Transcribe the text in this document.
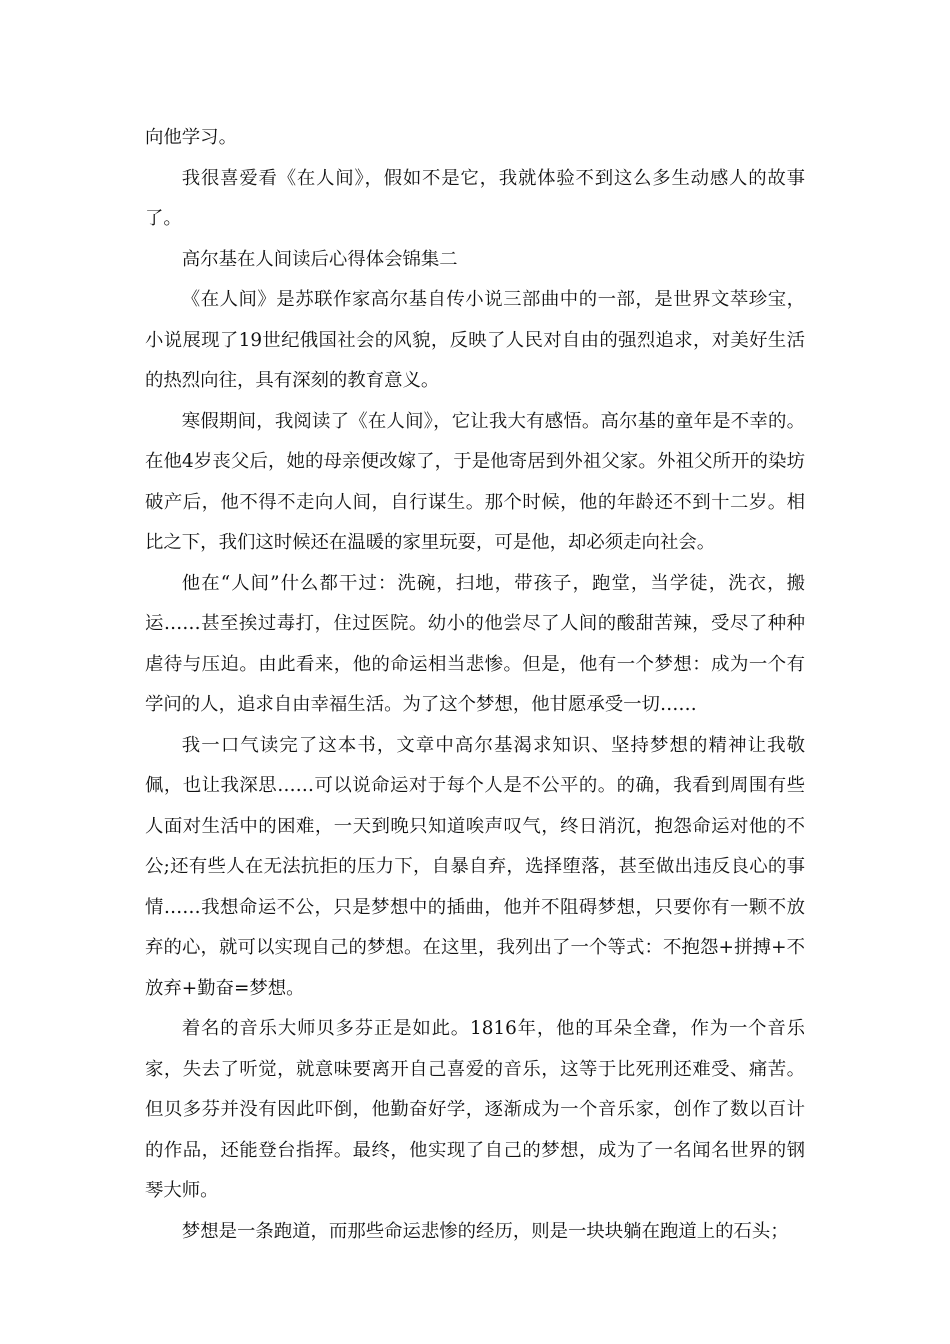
向他学习。

我很喜爱看《在人间》，假如不是它，我就体验不到这么多生动感人的故事了。

高尔基在人间读后心得体会锦集二

《在人间》是苏联作家高尔基自传小说三部曲中的一部，是世界文萃珍宝，小说展现了19世纪俄国社会的风貌，反映了人民对自由的强烈追求，对美好生活的热烈向往，具有深刻的教育意义。

寒假期间，我阅读了《在人间》，它让我大有感悟。高尔基的童年是不幸的。在他4岁丧父后，她的母亲便改嫁了，于是他寄居到外祖父家。外祖父所开的染坊破产后，他不得不走向人间，自行谋生。那个时候，他的年龄还不到十二岁。相比之下，我们这时候还在温暖的家里玩耍，可是他，却必须走向社会。

他在“人间”什么都干过：洗碗，扫地，带孩子，跑堂，当学徒，洗衣，搬运……甚至挨过毒打，住过医院。幼小的他尝尽了人间的酸甜苦辣，受尽了种种虐待与压迫。由此看来，他的命运相当悲惨。但是，他有一个梦想：成为一个有学问的人，追求自由幸福生活。为了这个梦想，他甘愿承受一切……

我一口气读完了这本书，文章中高尔基渴求知识、坚持梦想的精神让我敬佩，也让我深思……可以说命运对于每个人是不公平的。的确，我看到周围有些人面对生活中的困难，一天到晚只知道唉声叹气，终日消沉，抱怨命运对他的不公;还有些人在无法抗拒的压力下，自暴自弃，选择堕落，甚至做出违反良心的事情……我想命运不公，只是梦想中的插曲，他并不阻碍梦想，只要你有一颗不放弃的心，就可以实现自己的梦想。在这里，我列出了一个等式：不抱怨+拼搏+不放弃+勤奋=梦想。

着名的音乐大师贝多芬正是如此。1816年，他的耳朵全聋，作为一个音乐家，失去了听觉，就意味要离开自己喜爱的音乐，这等于比死刑还难受、痛苦。但贝多芬并没有因此吓倒，他勤奋好学，逐渐成为一个音乐家，创作了数以百计的作品，还能登台指挥。最终，他实现了自己的梦想，成为了一名闻名世界的钢琴大师。

梦想是一条跑道，而那些命运悲惨的经历，则是一块块躺在跑道上的石头；
